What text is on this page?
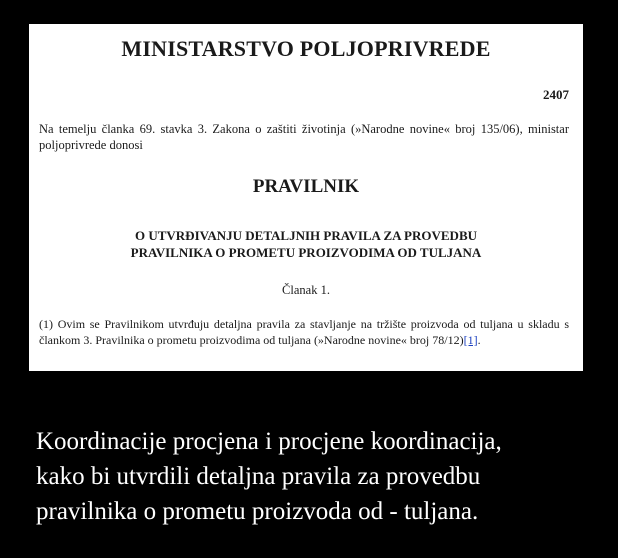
MINISTARSTVO POLJOPRIVREDE
2407
Na temelju članka 69. stavka 3. Zakona o zaštiti životinja (»Narodne novine« broj 135/06), ministar poljoprivrede donosi
PRAVILNIK
O UTVRĐIVANJU DETALJNIH PRAVILA ZA PROVEDBU
PRAVILNIKA O PROMETU PROIZVODIMA OD TULJANA
Članak 1.
(1) Ovim se Pravilnikom utvrđuju detaljna pravila za stavljanje na tržište proizvoda od tuljana u skladu s člankom 3. Pravilnika o prometu proizvodima od tuljana (»Narodne novine« broj 78/12)[1].
Koordinacije procjena i procjene koordinacija,
kako bi utvrdili detaljna pravila za provedbu
pravilnika o prometu proizvoda od - tuljana.
